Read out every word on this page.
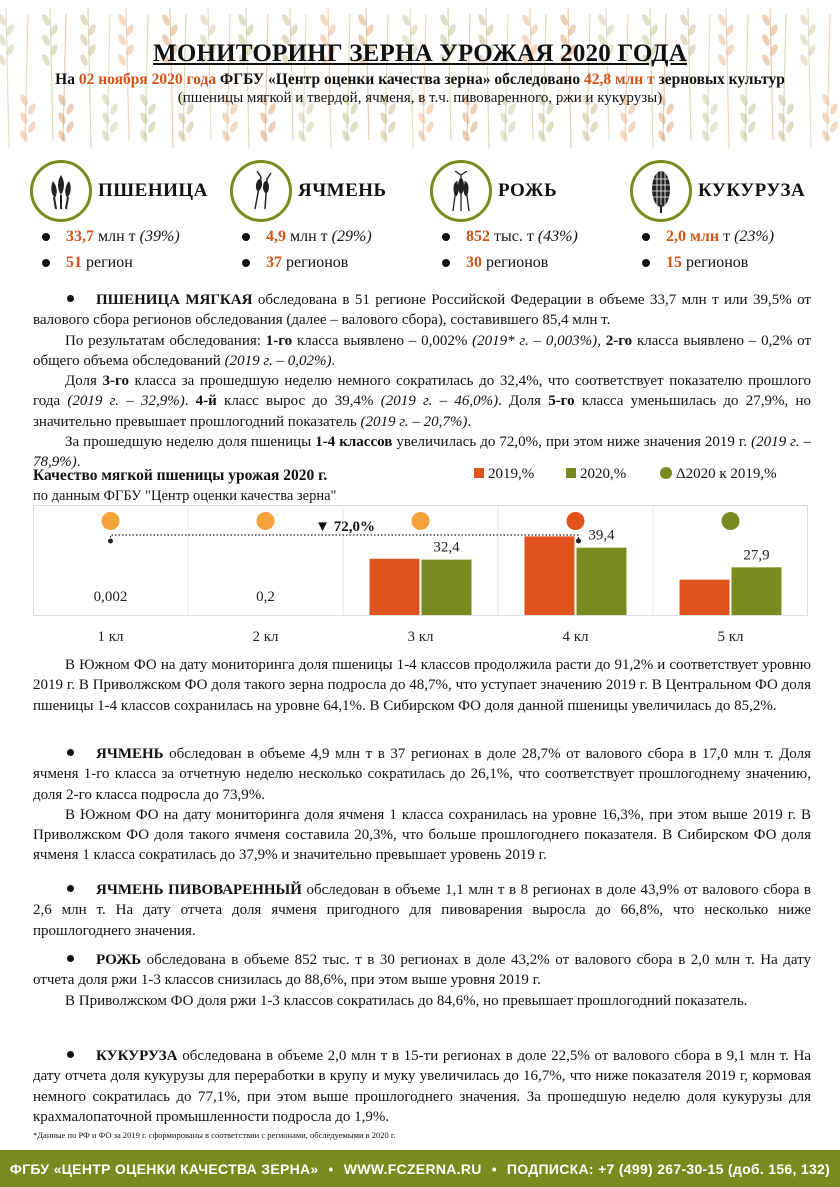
МОНИТОРИНГ ЗЕРНА УРОЖАЯ 2020 ГОДА
На 02 ноября 2020 года ФГБУ «Центр оценки качества зерна» обследовано 42,8 млн т зерновых культур
(пшеницы мягкой и твердой, ячменя, в т.ч. пивоваренного, ржи и кукурузы)
ПШЕНИЦА
33,7 млн т (39%)
51 регион
ЯЧМЕНЬ
4,9 млн т (29%)
37 регионов
РОЖЬ
852 тыс. т (43%)
30 регионов
КУКУРУЗА
2,0 млн т (23%)
15 регионов

ПШЕНИЦА МЯГКАЯ обследована в 51 регионе Российской Федерации в объеме 33,7 млн т или 39,5% от валового сбора регионов обследования (далее – валового сбора), составившего 85,4 млн т.

По результатам обследования: 1-го класса выявлено – 0,002% (2019* г. – 0,003%), 2-го класса выявлено – 0,2% от общего объема обследований (2019 г. – 0,02%).

Доля 3-го класса за прошедшую неделю немного сократилась до 32,4%, что соответствует показателю прошлого года (2019 г. – 32,9%). 4-й класс вырос до 39,4% (2019 г. – 46,0%). Доля 5-го класса уменьшилась до 27,9%, но значительно превышает прошлогодний показатель (2019 г. – 20,7%).

За прошедшую неделю доля пшеницы 1-4 классов увеличилась до 72,0%, при этом ниже значения 2019 г. (2019 г. – 78,9%).

Качество мягкой пшеницы урожая 2020 г.
по данным ФГБУ "Центр оценки качества зерна"
2019,%	2020,%	Δ2020 к 2019,%
0,002
1 кл
0,2
2 кл
32,4
3 кл
39,4
4 кл
27,9
5 кл
▼ 72,0%

В Южном ФО на дату мониторинга доля пшеницы 1-4 классов продолжила расти до 91,2% и соответствует уровню 2019 г. В Приволжском ФО доля такого зерна подросла до 48,7%, что уступает значению 2019 г. В Центральном ФО доля пшеницы 1-4 классов сохранилась на уровне 64,1%. В Сибирском ФО доля данной пшеницы увеличилась до 85,2%.

ЯЧМЕНЬ обследован в объеме 4,9 млн т в 37 регионах в доле 28,7% от валового сбора в 17,0 млн т. Доля ячменя 1-го класса за отчетную неделю несколько сократилась до 26,1%, что соответствует прошлогоднему значению, доля 2-го класса подросла до 73,9%.

В Южном ФО на дату мониторинга доля ячменя 1 класса сохранилась на уровне 16,3%, при этом выше 2019 г. В Приволжском ФО доля такого ячменя составила 20,3%, что больше прошлогоднего показателя. В Сибирском ФО доля ячменя 1 класса сократилась до 37,9% и значительно превышает уровень 2019 г.

ЯЧМЕНЬ ПИВОВАРЕННЫЙ обследован в объеме 1,1 млн т в 8 регионах в доле 43,9% от валового сбора в 2,6 млн т. На дату отчета доля ячменя пригодного для пивоварения выросла до 66,8%, что несколько ниже прошлогоднего значения.

РОЖЬ обследована в объеме 852 тыс. т в 30 регионах в доле 43,2% от валового сбора в 2,0 млн т. На дату отчета доля ржи 1-3 классов снизилась до 88,6%, при этом выше уровня 2019 г.

В Приволжском ФО доля ржи 1-3 классов сократилась до 84,6%, но превышает прошлогодний показатель.

КУКУРУЗА обследована в объеме 2,0 млн т в 15-ти регионах в доле 22,5% от валового сбора в 9,1 млн т. На дату отчета доля кукурузы для переработки в крупу и муку увеличилась до 16,7%, что ниже показателя 2019 г, кормовая немного сократилась до 77,1%, при этом выше прошлогоднего значения. За прошедшую неделю доля кукурузы для крахмалопаточной промышленности подросла до 1,9%.

*Данные по РФ и ФО за 2019 г. сформированы в соответствии с регионами, обследуемыми в 2020 г.
ФГБУ «ЦЕНТР ОЦЕНКИ КАЧЕСТВА ЗЕРНА» • WWW.FCZERNA.RU • ПОДПИСКА: +7 (499) 267-30-15 (доб. 156, 132)
